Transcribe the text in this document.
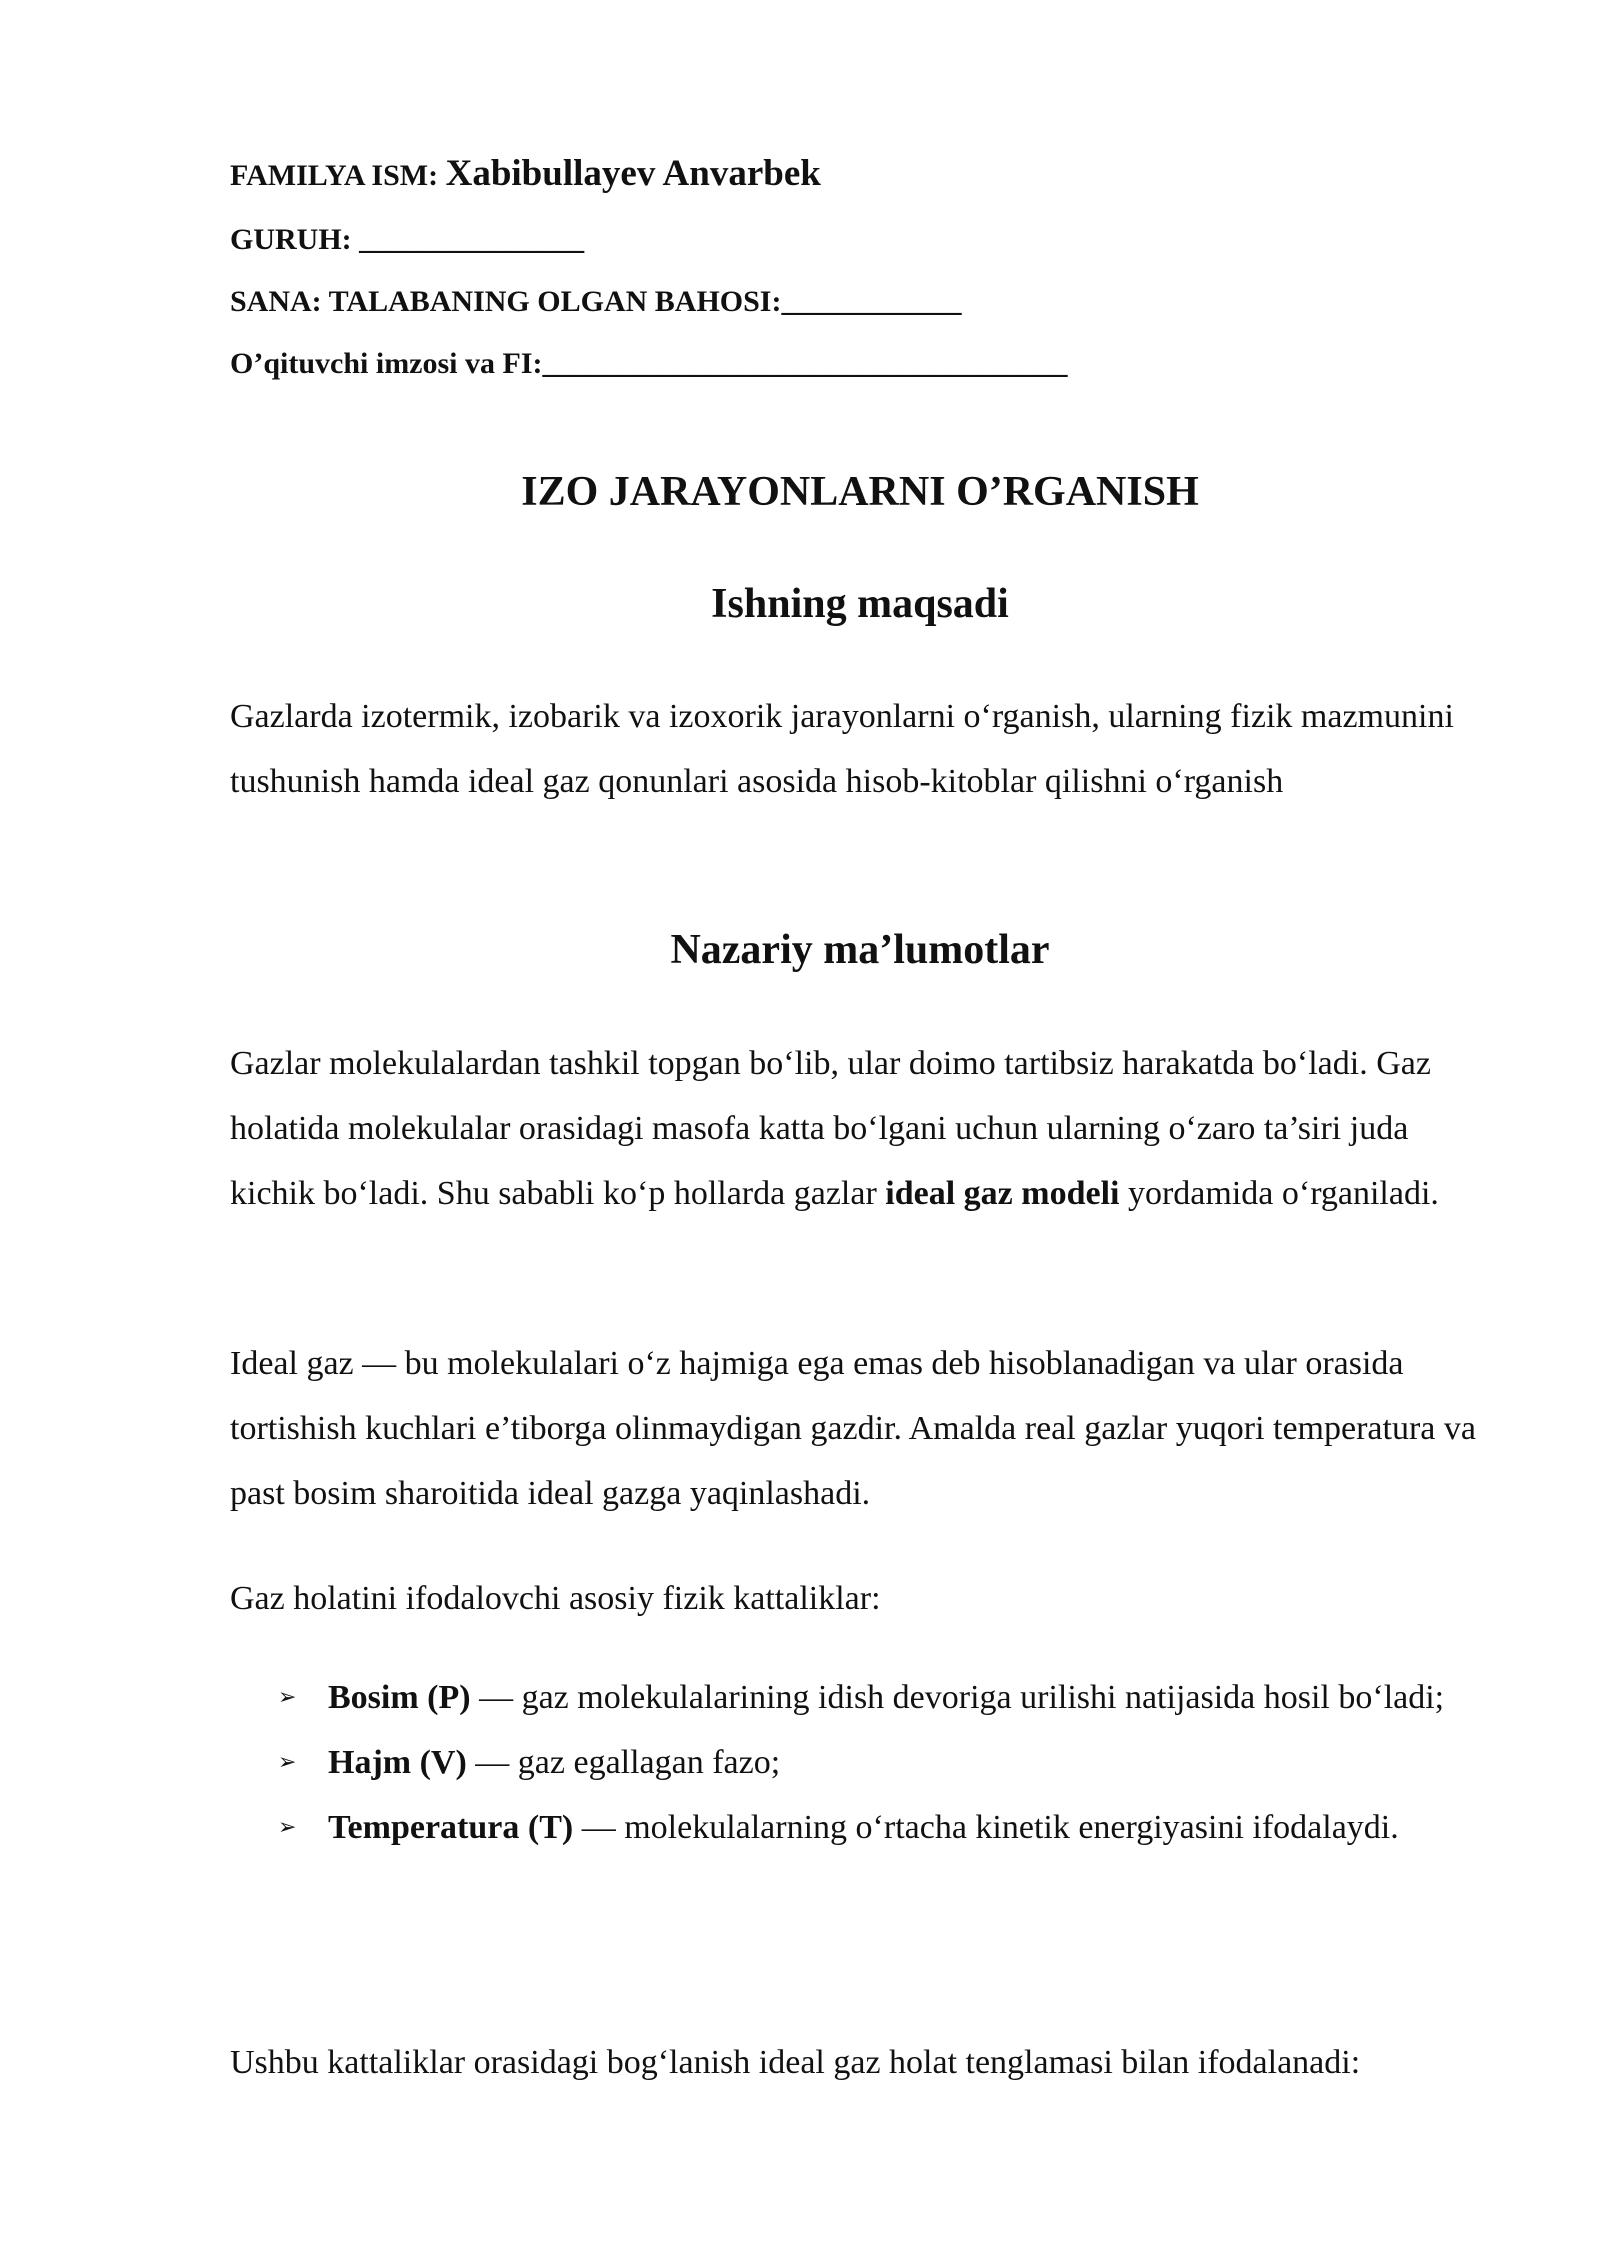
FAMILYA ISM: Xabibullayev Anvarbek
GURUH: _______________
SANA: TALABANING OLGAN BAHOSI:____________
O’qituvchi imzosi va FI:___________________________________
IZO JARAYONLARNI O’RGANISH
Ishning maqsadi
Gazlarda izotermik, izobarik va izoxorik jarayonlarni o‘rganish, ularning fizik mazmunini tushunish hamda ideal gaz qonunlari asosida hisob-kitoblar qilishni o‘rganish
Nazariy ma’lumotlar
Gazlar molekulalardan tashkil topgan bo‘lib, ular doimo tartibsiz harakatda bo‘ladi. Gaz holatida molekulalar orasidagi masofa katta bo‘lgani uchun ularning o‘zaro ta’siri juda kichik bo‘ladi. Shu sababli ko‘p hollarda gazlar ideal gaz modeli yordamida o‘rganiladi.
Ideal gaz — bu molekulalari o‘z hajmiga ega emas deb hisoblanadigan va ular orasida tortishish kuchlari e’tiborga olinmaydigan gazdir. Amalda real gazlar yuqori temperatura va past bosim sharoitida ideal gazga yaqinlashadi.
Gaz holatini ifodalovchi asosiy fizik kattaliklar:
➢ Bosim (P) — gaz molekulalarining idish devoriga urilishi natijasida hosil bo‘ladi;
➢ Hajm (V) — gaz egallagan fazo;
➢ Temperatura (T) — molekulalarning o‘rtacha kinetik energiyasini ifodalaydi.
Ushbu kattaliklar orasidagi bog‘lanish ideal gaz holat tenglamasi bilan ifodalanadi:
